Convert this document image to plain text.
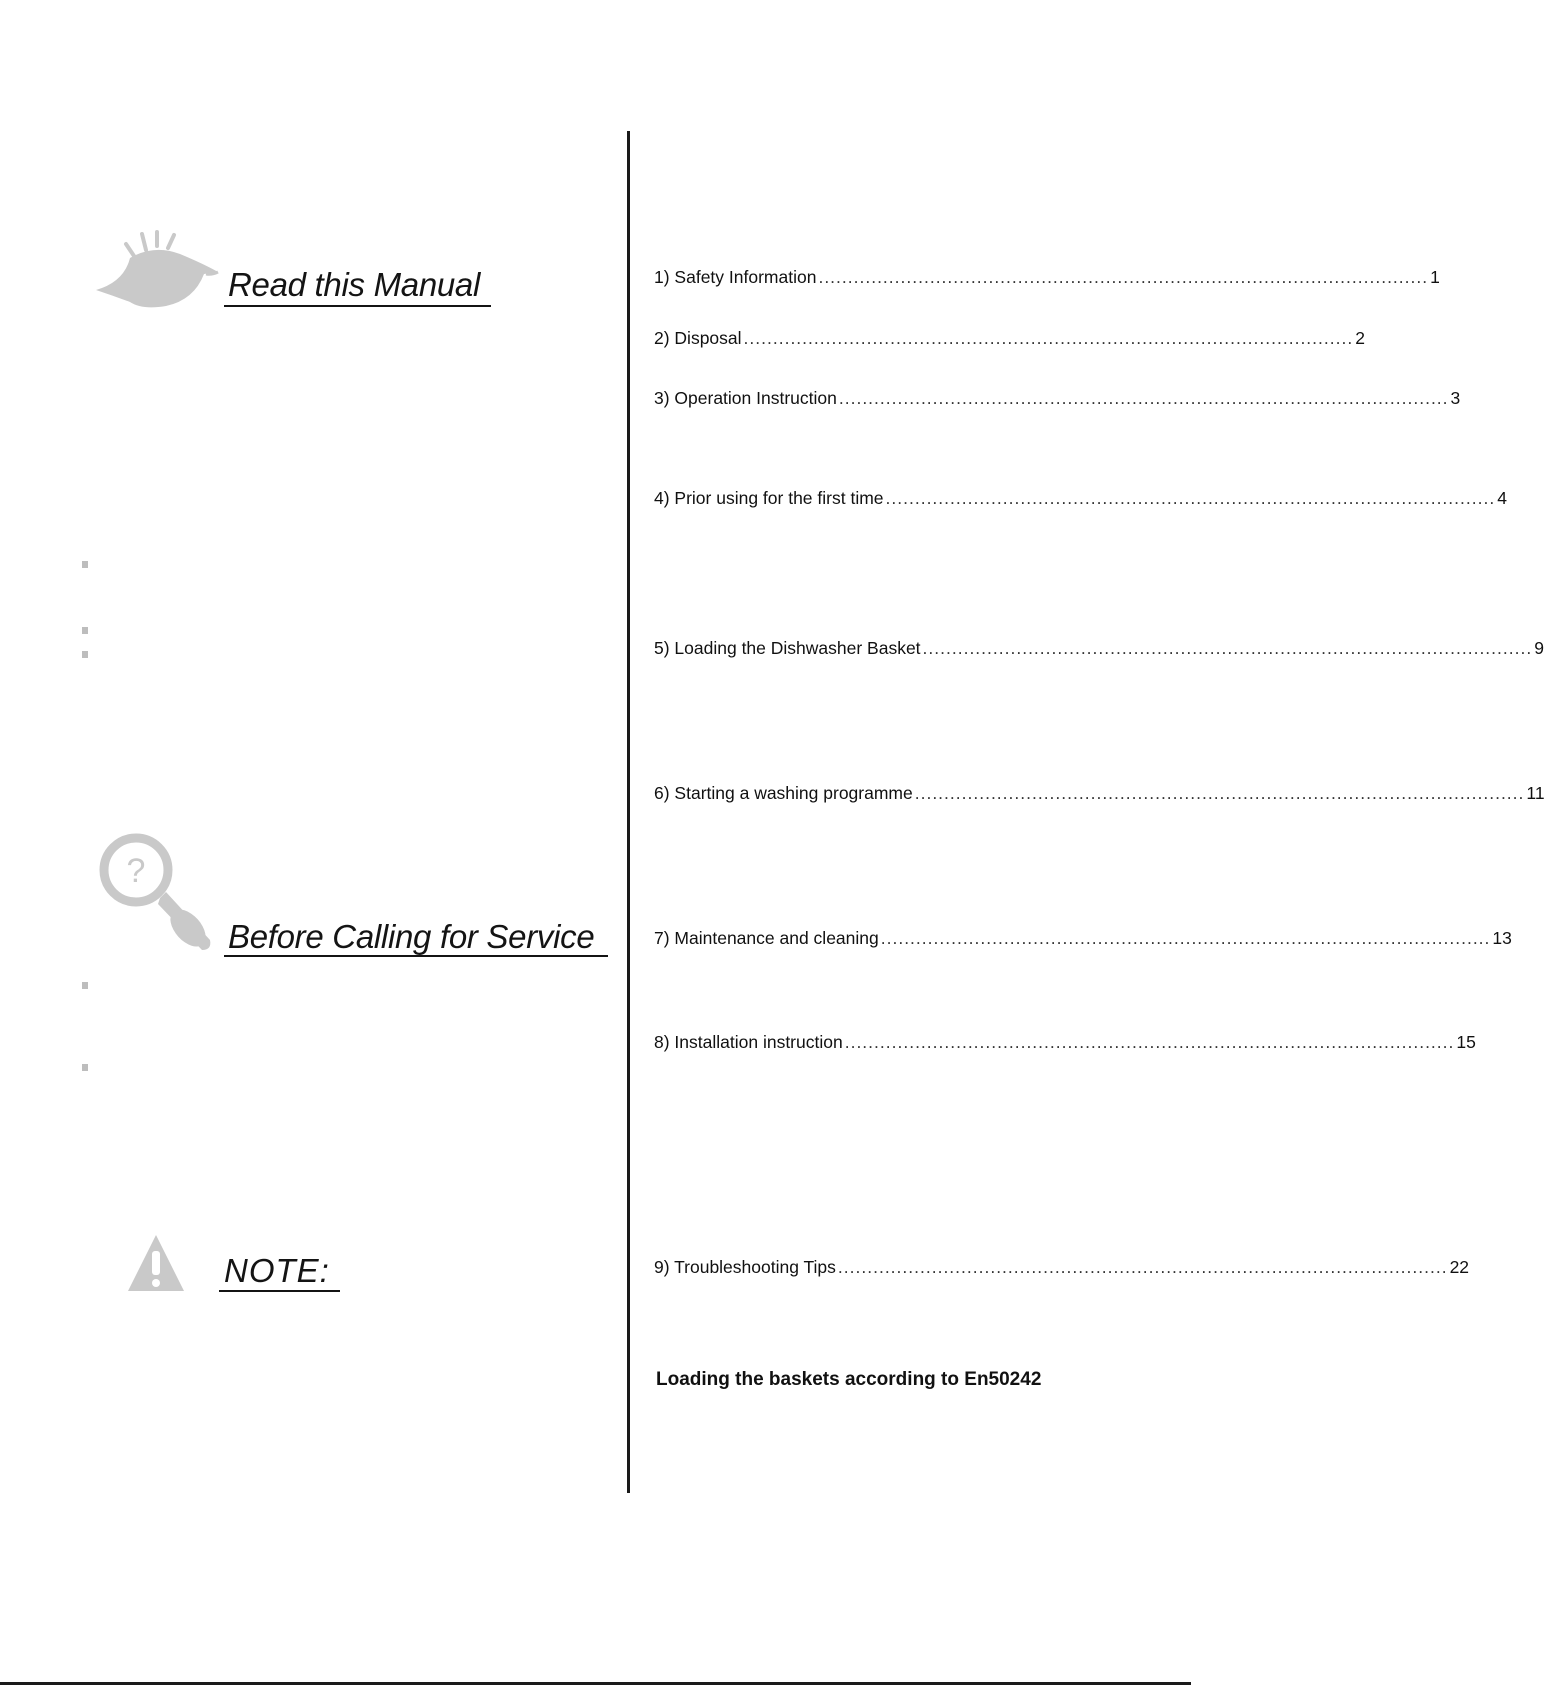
Read this Manual
?
Before Calling for Service
NOTE:
1) Safety Information ........................................................................................................ 1
2) Disposal ........................................................................................................ 2
3) Operation Instruction ........................................................................................................ 3
4) Prior using for the first time ........................................................................................................ 4
5) Loading the Dishwasher Basket ........................................................................................................ 9
6) Starting a washing programme ........................................................................................................ 11
7) Maintenance and cleaning ........................................................................................................ 13
8) Installation instruction ........................................................................................................ 15
9) Troubleshooting Tips ........................................................................................................ 22
Loading the baskets according to En50242
